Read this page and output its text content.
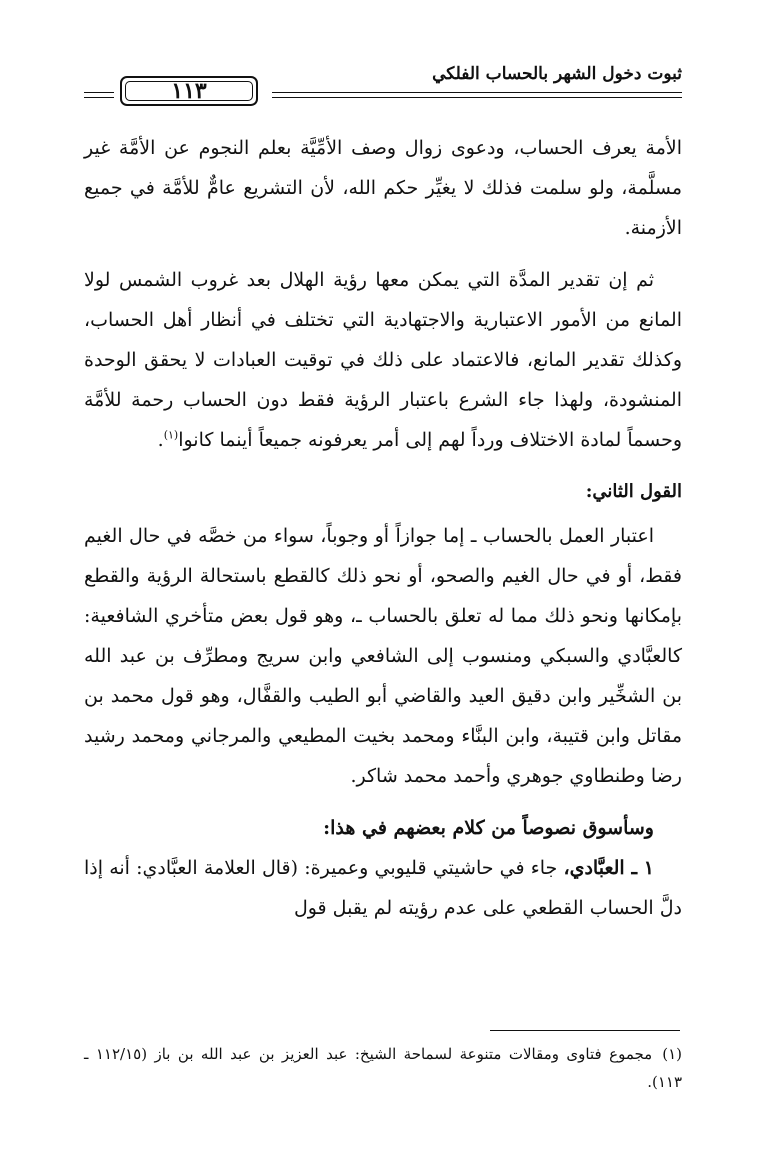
ثبوت دخول الشهر بالحساب الفلكي
١١٣

الأمة يعرف الحساب، ودعوى زوال وصف الأمِّيَّة بعلم النجوم عن الأمَّة غير مسلَّمة، ولو سلمت فذلك لا يغيِّر حكم الله، لأن التشريع عامٌّ للأمَّة في جميع الأزمنة.

ثم إن تقدير المدَّة التي يمكن معها رؤية الهلال بعد غروب الشمس لولا المانع من الأمور الاعتبارية والاجتهادية التي تختلف في أنظار أهل الحساب، وكذلك تقدير المانع، فالاعتماد على ذلك في توقيت العبادات لا يحقق الوحدة المنشودة، ولهذا جاء الشرع باعتبار الرؤية فقط دون الحساب رحمة للأمَّة وحسماً لمادة الاختلاف ورداً لهم إلى أمر يعرفونه جميعاً أينما كانوا$^{(١)}$.

القول الثاني:

اعتبار العمل بالحساب ـ إما جوازاً أو وجوباً، سواء من خصَّه في حال الغيم فقط، أو في حال الغيم والصحو، أو نحو ذلك كالقطع باستحالة الرؤية والقطع بإمكانها ونحو ذلك مما له تعلق بالحساب ـ، وهو قول بعض متأخري الشافعية: كالعبَّادي والسبكي ومنسوب إلى الشافعي وابن سريج ومطرِّف بن عبد الله بن الشخِّير وابن دقيق العيد والقاضي أبو الطيب والقفَّال، وهو قول محمد بن مقاتل وابن قتيبة، وابن البنَّاء ومحمد بخيت المطيعي والمرجاني ومحمد رشيد رضا وطنطاوي جوهري وأحمد محمد شاكر.

وسأسوق نصوصاً من كلام بعضهم في هذا:

١ ـ العبَّادي، جاء في حاشيتي قليوبي وعميرة: (قال العلامة العبَّادي: أنه إذا دلَّ الحساب القطعي على عدم رؤيته لم يقبل قول

(١)مجموع فتاوى ومقالات متنوعة لسماحة الشيخ: عبد العزيز بن عبد الله بن باز (١١٢/١٥ ـ ١١٣).
